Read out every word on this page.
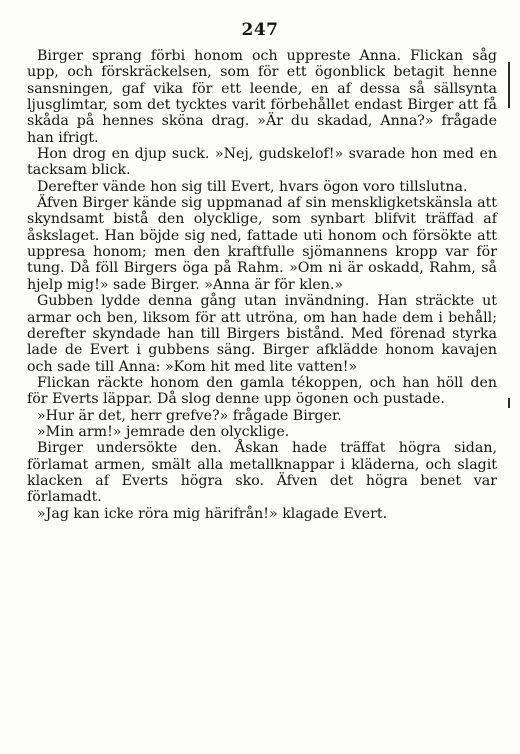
247

Birger sprang förbi honom och uppreste Anna. Flickan såg upp, och förskräckelsen, som för ett ögonblick betagit henne sansningen, gaf vika för ett leende, en af dessa så sällsynta ljusglimtar, som det tycktes varit förbehållet endast Birger att få skåda på hennes sköna drag. »Är du skadad, Anna?» frågade han ifrigt.

Hon drog en djup suck. »Nej, gudskelof!» svarade hon med en tacksam blick.

Derefter vände hon sig till Evert, hvars ögon voro tillslutna.

Äfven Birger kände sig uppmanad af sin menskligketskänsla att skyndsamt bistå den olycklige, som synbart blifvit träffad af åskslaget. Han böjde sig ned, fattade uti honom och försökte att uppresa honom; men den kraftfulle sjömannens kropp var för tung. Då föll Birgers öga på Rahm. »Om ni är oskadd, Rahm, så hjelp mig!» sade Birger. »Anna är för klen.»

Gubben lydde denna gång utan invändning. Han sträckte ut armar och ben, liksom för att utröna, om han hade dem i behåll; derefter skyndade han till Birgers bistånd. Med förenad styrka lade de Evert i gubbens säng. Birger afklädde honom kavajen och sade till Anna: »Kom hit med lite vatten!»

Flickan räckte honom den gamla tékoppen, och han höll den för Everts läppar. Då slog denne upp ögonen och pustade.

»Hur är det, herr grefve?» frågade Birger.

»Min arm!» jemrade den olycklige.

Birger undersökte den. Åskan hade träffat högra sidan, förlamat armen, smält alla metallknappar i kläderna, och slagit klacken af Everts högra sko. Äfven det högra benet var förlamadt.

»Jag kan icke röra mig härifrån!» klagade Evert.
